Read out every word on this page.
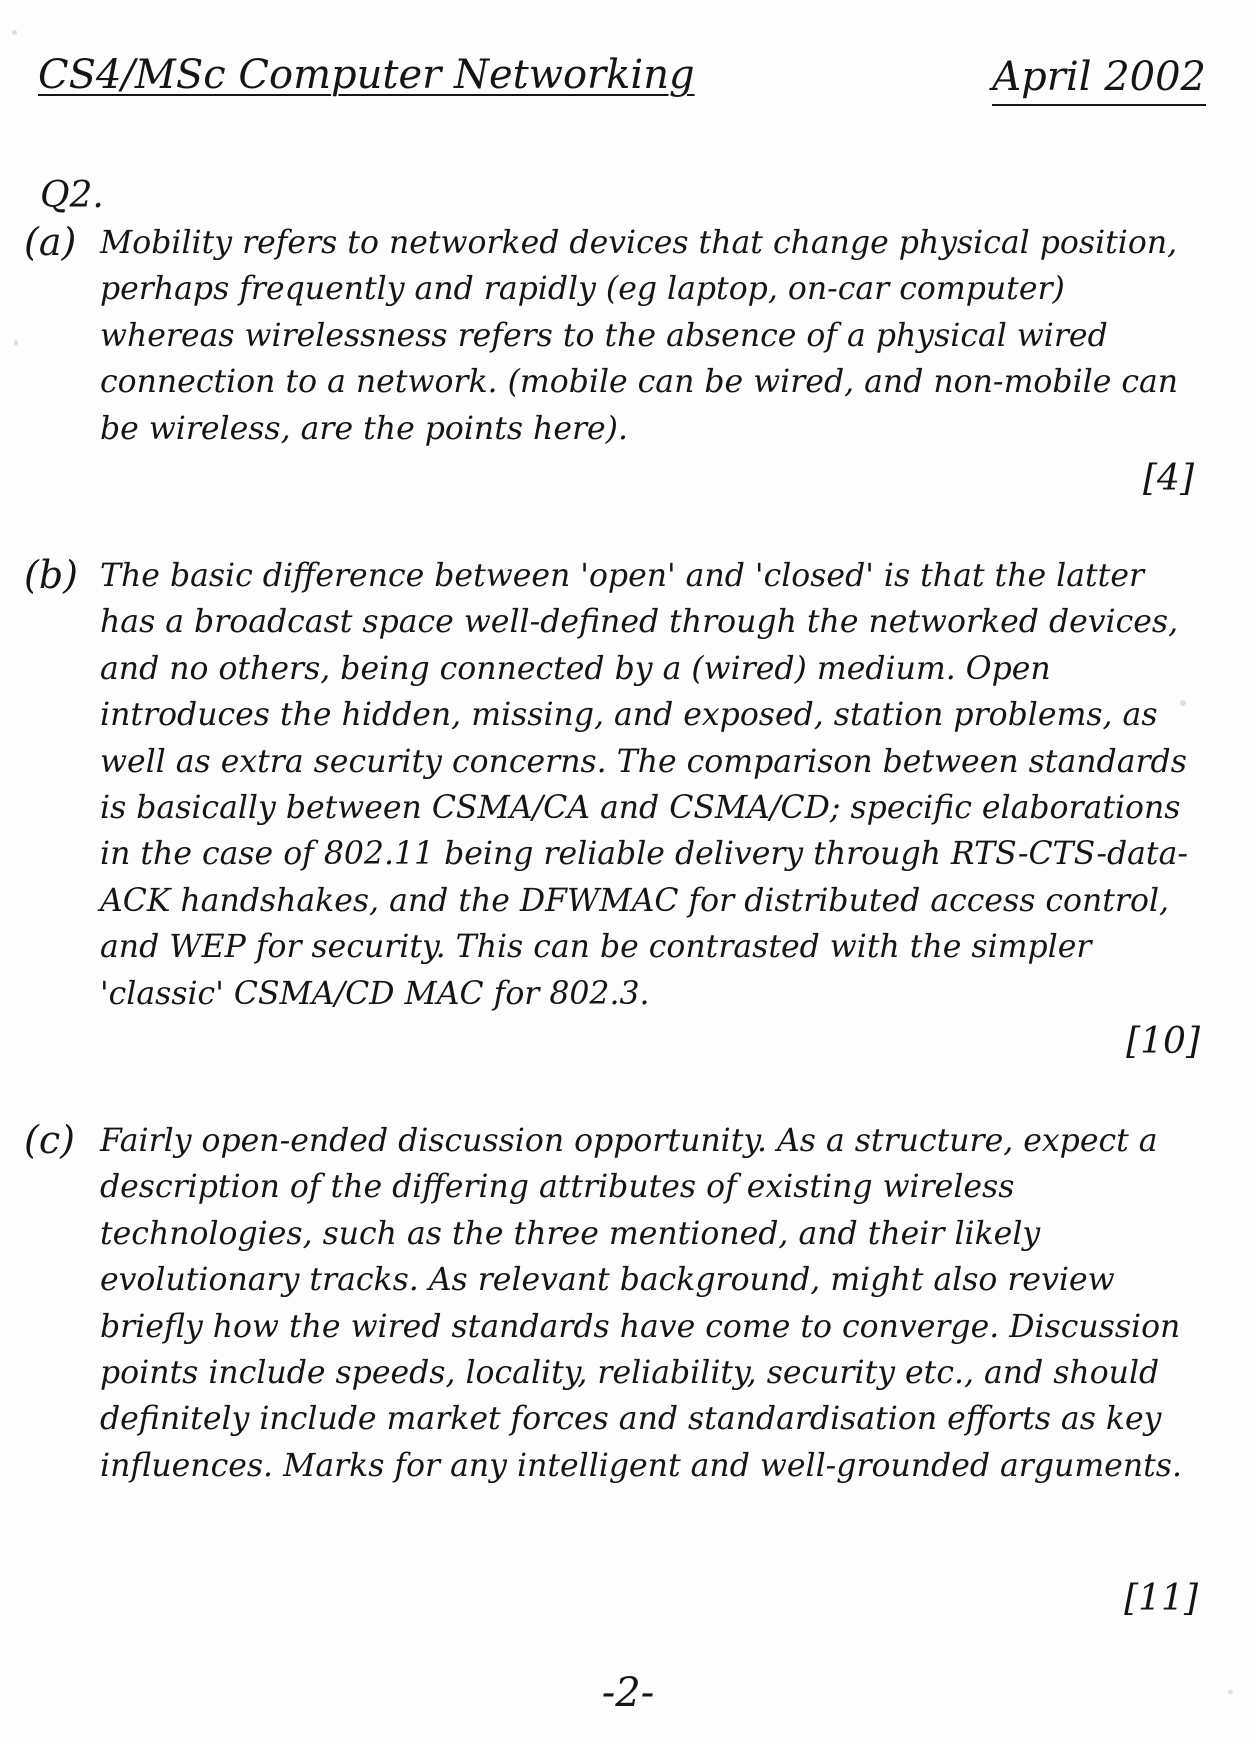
CS4/MSc Computer Networking	April 2002
Q2.
(a) Mobility refers to networked devices that change physical position, perhaps frequently and rapidly (eg laptop, on-car computer) whereas wirelessness refers to the absence of a physical wired connection to a network. (mobile can be wired, and non-mobile can be wireless, are the points here).
[4]
(b) The basic difference between 'open' and 'closed' is that the latter has a broadcast space well-defined through the networked devices, and no others, being connected by a (wired) medium. Open introduces the hidden, missing, and exposed, station problems, as well as extra security concerns. The comparison between standards is basically between CSMA/CA and CSMA/CD; specific elaborations in the case of 802.11 being reliable delivery through RTS-CTS-data-ACK handshakes, and the DFWMAC for distributed access control, and WEP for security. This can be contrasted with the simpler 'classic' CSMA/CD MAC for 802.3.
[10]
(c) Fairly open-ended discussion opportunity. As a structure, expect a description of the differing attributes of existing wireless technologies, such as the three mentioned, and their likely evolutionary tracks. As relevant background, might also review briefly how the wired standards have come to converge. Discussion points include speeds, locality, reliability, security etc., and should definitely include market forces and standardisation efforts as key influences. Marks for any intelligent and well-grounded arguments.
[11]
-2-
